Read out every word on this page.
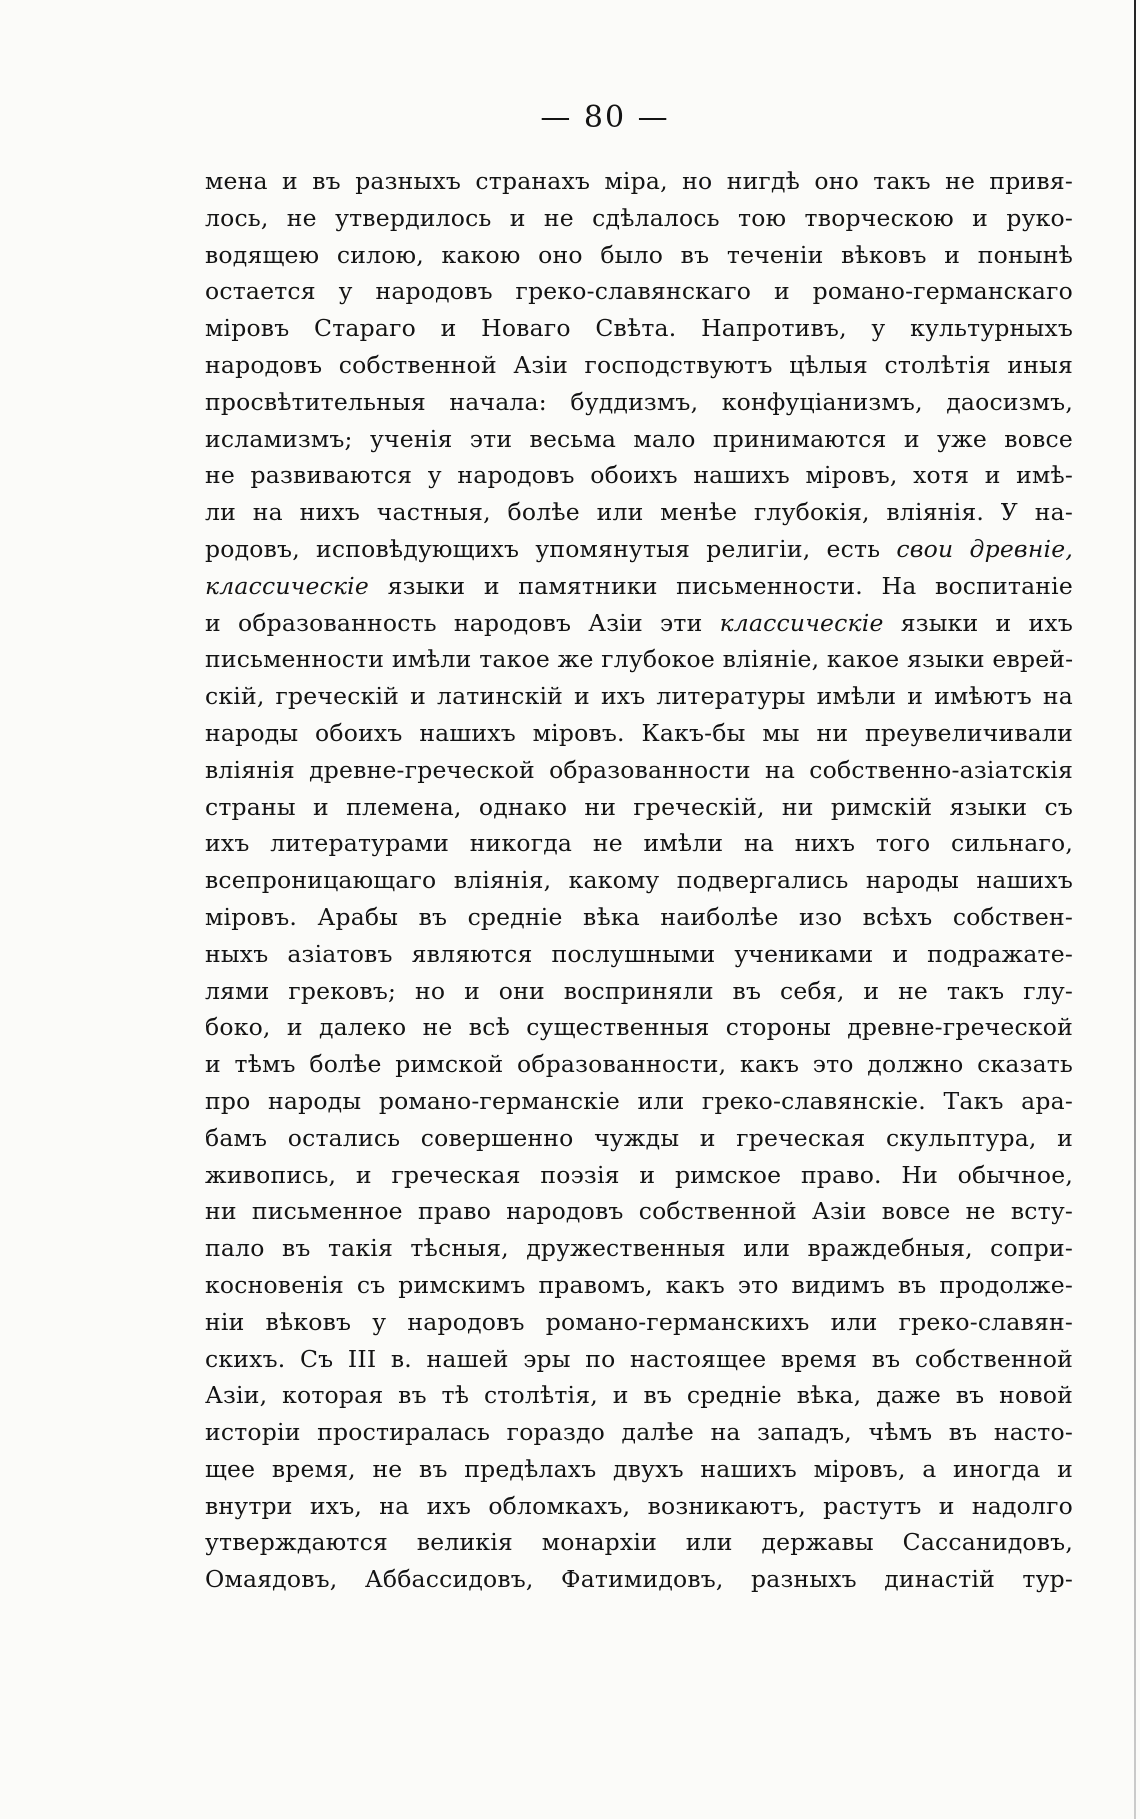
— 80 —
мена и въ разныхъ странахъ міра, но нигдѣ оно такъ не привя-
лось, не утвердилось и не сдѣлалось тою творческою и руко-
водящею силою, какою оно было въ теченіи вѣковъ и понынѣ
остается у народовъ греко-славянскаго и романо-германскаго
міровъ Стараго и Новаго Свѣта. Напротивъ, у культурныхъ
народовъ собственной Азіи господствуютъ цѣлыя столѣтія иныя
просвѣтительныя начала: буддизмъ, конфуціанизмъ, даосизмъ,
исламизмъ; ученія эти весьма мало принимаются и уже вовсе
не развиваются у народовъ обоихъ нашихъ міровъ, хотя и имѣ-
ли на нихъ частныя, болѣе или менѣе глубокія, вліянія. У на-
родовъ, исповѣдующихъ упомянутыя религіи, есть свои древніе,
классическіе языки и памятники письменности. На воспитаніе
и образованность народовъ Азіи эти классическіе языки и ихъ
письменности имѣли такое же глубокое вліяніе, какое языки еврей-
скій, греческій и латинскій и ихъ литературы имѣли и имѣютъ на
народы обоихъ нашихъ міровъ. Какъ-бы мы ни преувеличивали
вліянія древне-греческой образованности на собственно-азіатскія
страны и племена, однако ни греческій, ни римскій языки съ
ихъ литературами никогда не имѣли на нихъ того сильнаго,
всепроницающаго вліянія, какому подвергались народы нашихъ
міровъ. Арабы въ средніе вѣка наиболѣе изо всѣхъ собствен-
ныхъ азіатовъ являются послушными учениками и подражате-
лями грековъ; но и они восприняли въ себя, и не такъ глу-
боко, и далеко не всѣ существенныя стороны древне-греческой
и тѣмъ болѣе римской образованности, какъ это должно сказать
про народы романо-германскіе или греко-славянскіе. Такъ ара-
бамъ остались совершенно чужды и греческая скульптура, и
живопись, и греческая поэзія и римское право. Ни обычное,
ни письменное право народовъ собственной Азіи вовсе не всту-
пало въ такія тѣсныя, дружественныя или враждебныя, сопри-
косновенія съ римскимъ правомъ, какъ это видимъ въ продолже-
ніи вѣковъ у народовъ романо-германскихъ или греко-славян-
скихъ. Съ III в. нашей эры по настоящее время въ собственной
Азіи, которая въ тѣ столѣтія, и въ средніе вѣка, даже въ новой
исторіи простиралась гораздо далѣе на западъ, чѣмъ въ насто-
щее время, не въ предѣлахъ двухъ нашихъ міровъ, а иногда и
внутри ихъ, на ихъ обломкахъ, возникаютъ, растутъ и надолго
утверждаются великія монархіи или державы Сассанидовъ,
Омаядовъ, Аббассидовъ, Фатимидовъ, разныхъ династій тур-
